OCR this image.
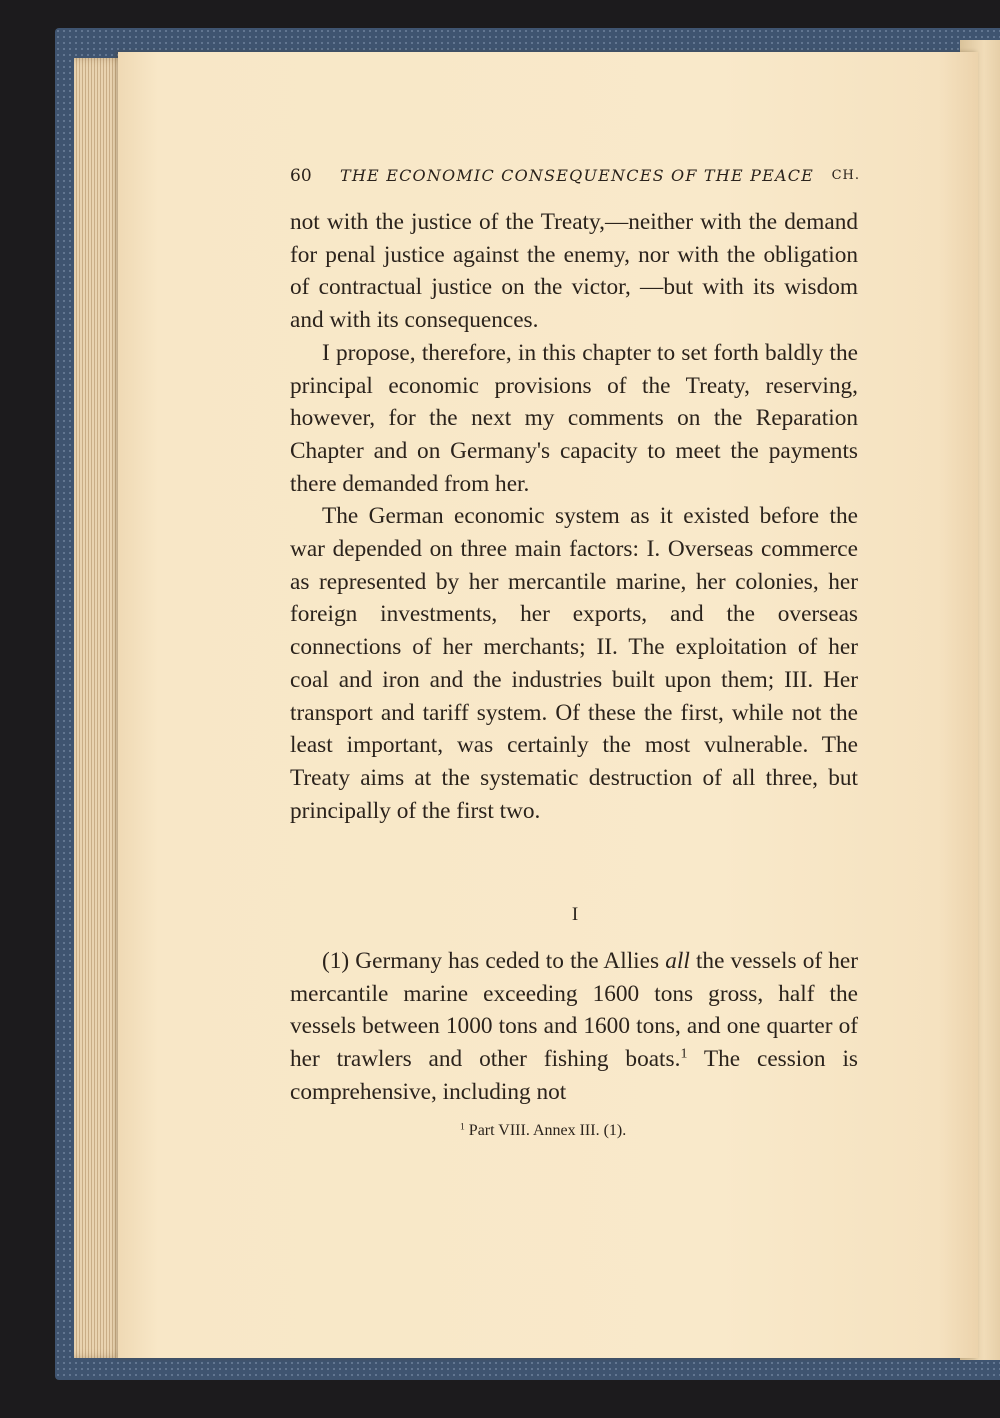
60 THE ECONOMIC CONSEQUENCES OF THE PEACE CH.

not with the justice of the Treaty,—neither with the demand for penal justice against the enemy, nor with the obligation of contractual justice on the victor, —but with its wisdom and with its consequences.

I propose, therefore, in this chapter to set forth baldly the principal economic provisions of the Treaty, reserving, however, for the next my comments on the Reparation Chapter and on Germany's capacity to meet the payments there demanded from her.

The German economic system as it existed before the war depended on three main factors: I. Overseas commerce as represented by her mercantile marine, her colonies, her foreign investments, her exports, and the overseas connections of her merchants; II. The exploitation of her coal and iron and the industries built upon them; III. Her transport and tariff system. Of these the first, while not the least important, was certainly the most vulnerable. The Treaty aims at the systematic destruction of all three, but principally of the first two.

I

(1) Germany has ceded to the Allies all the vessels of her mercantile marine exceeding 1600 tons gross, half the vessels between 1000 tons and 1600 tons, and one quarter of her trawlers and other fishing boats.$^1$ The cession is comprehensive, including not

$^1$ Part VIII. Annex III. (1).
